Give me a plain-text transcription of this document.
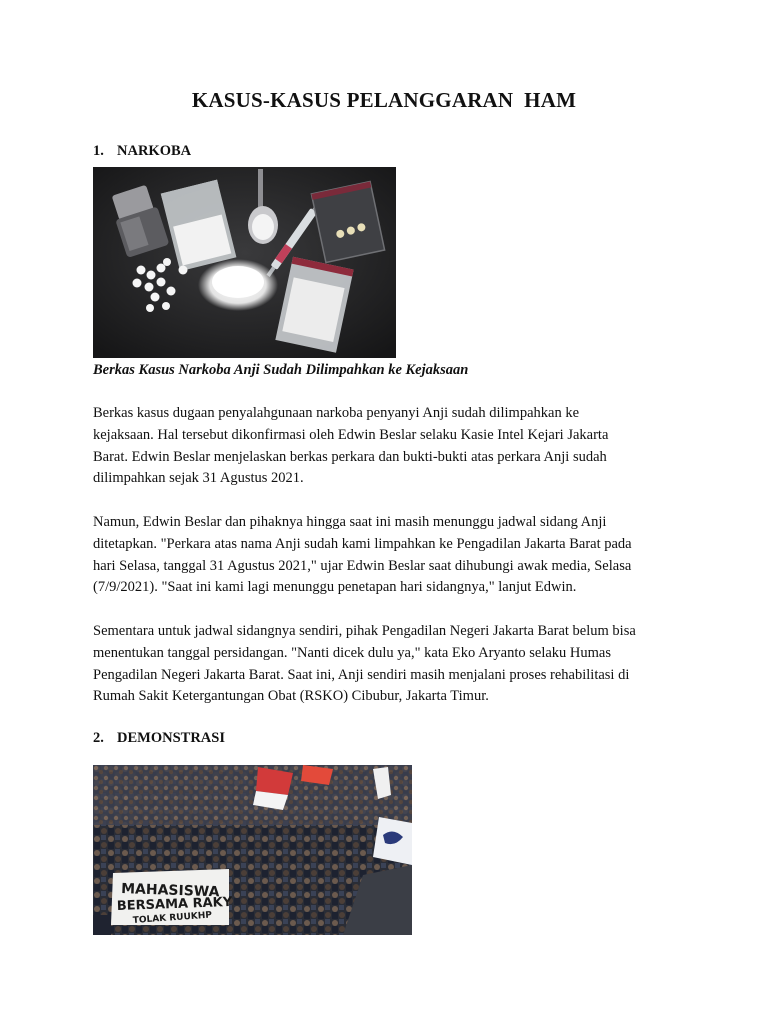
KASUS-KASUS PELANGGARAN  HAM
1. NARKOBA
Berkas Kasus Narkoba Anji Sudah Dilimpahkan ke Kejaksaan
Berkas kasus dugaan penyalahgunaan narkoba penyanyi Anji sudah dilimpahkan ke
kejaksaan. Hal tersebut dikonfirmasi oleh Edwin Beslar selaku Kasie Intel Kejari Jakarta
Barat. Edwin Beslar menjelaskan berkas perkara dan bukti-bukti atas perkara Anji sudah
dilimpahkan sejak 31 Agustus 2021.
Namun, Edwin Beslar dan pihaknya hingga saat ini masih menunggu jadwal sidang Anji
ditetapkan. "Perkara atas nama Anji sudah kami limpahkan ke Pengadilan Jakarta Barat pada
hari Selasa, tanggal 31 Agustus 2021," ujar Edwin Beslar saat dihubungi awak media, Selasa
(7/9/2021). "Saat ini kami lagi menunggu penetapan hari sidangnya," lanjut Edwin.
Sementara untuk jadwal sidangnya sendiri, pihak Pengadilan Negeri Jakarta Barat belum bisa
menentukan tanggal persidangan. "Nanti dicek dulu ya," kata Eko Aryanto selaku Humas
Pengadilan Negeri Jakarta Barat. Saat ini, Anji sendiri masih menjalani proses rehabilitasi di
Rumah Sakit Ketergantungan Obat (RSKO) Cibubur, Jakarta Timur.
2. DEMONSTRASI
MAHASISWA
BERSAMA RAKY
TOLAK RUUKHP
